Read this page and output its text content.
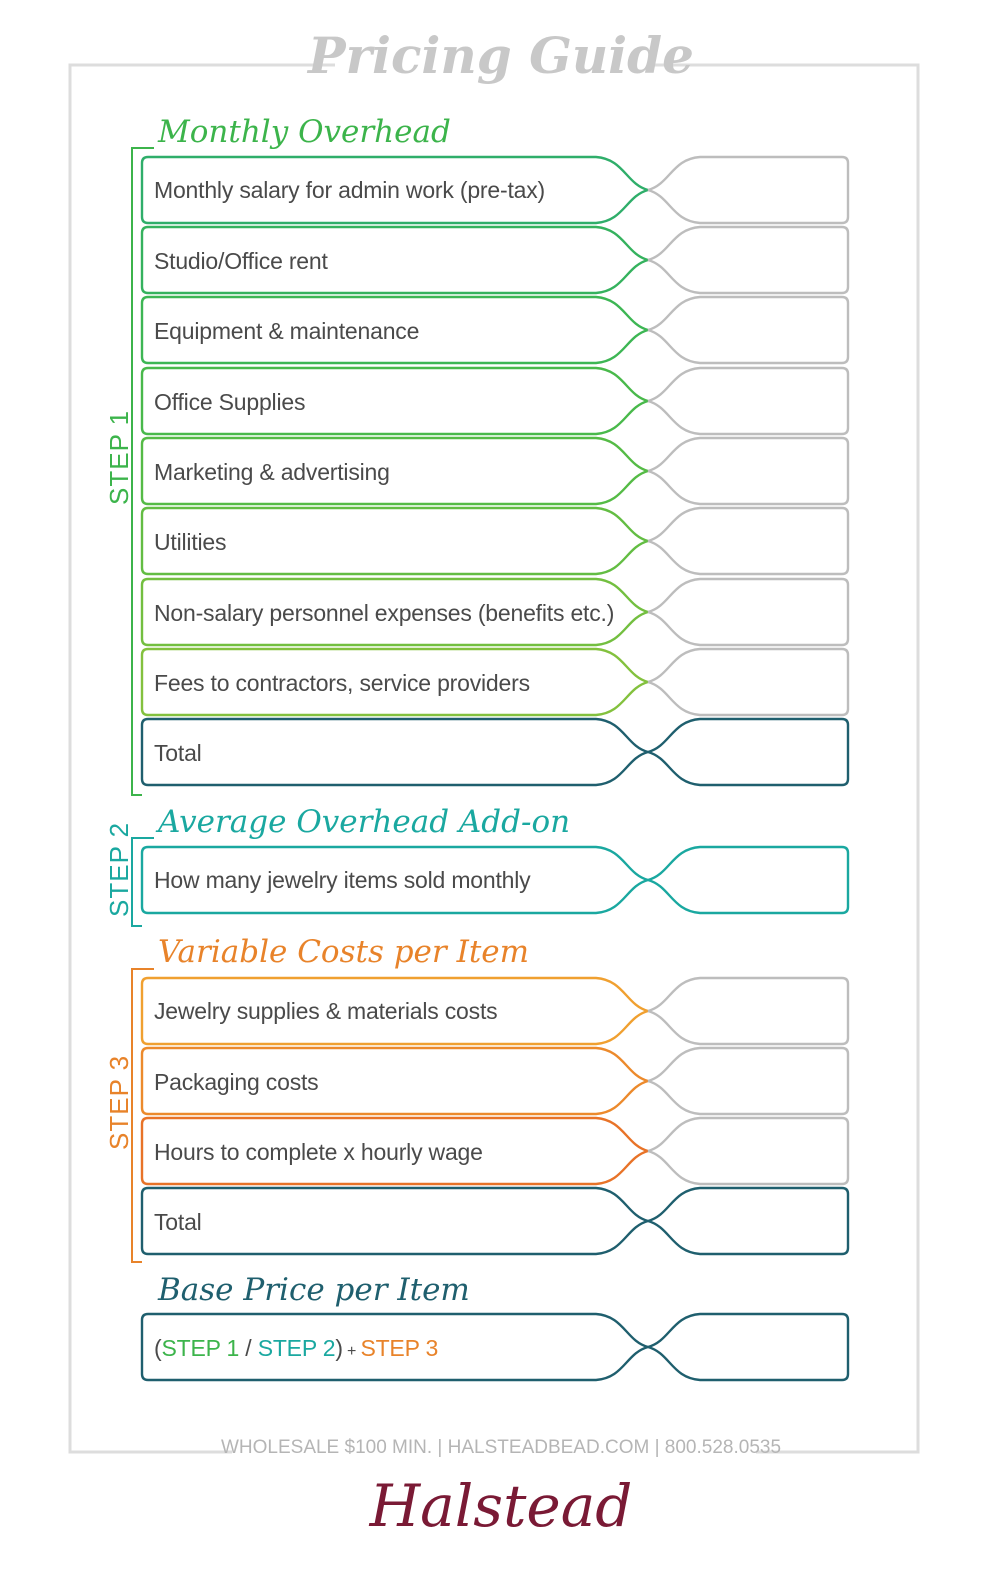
Pricing Guide
Monthly Overhead
Average Overhead Add-on
Variable Costs per Item
Base Price per Item
STEP 1
STEP 2
STEP 3
Monthly salary for admin work (pre-tax)
Studio/Office rent
Equipment & maintenance
Office Supplies
Marketing & advertising
Utilities
Non-salary personnel expenses (benefits etc.)
Fees to contractors, service providers
Total
How many jewelry items sold monthly
Jewelry supplies & materials costs
Packaging costs
Hours to complete x hourly wage
Total
(STEP 1 / STEP 2) + STEP 3
WHOLESALE $100 MIN. | HALSTEADBEAD.COM | 800.528.0535
Halstead
